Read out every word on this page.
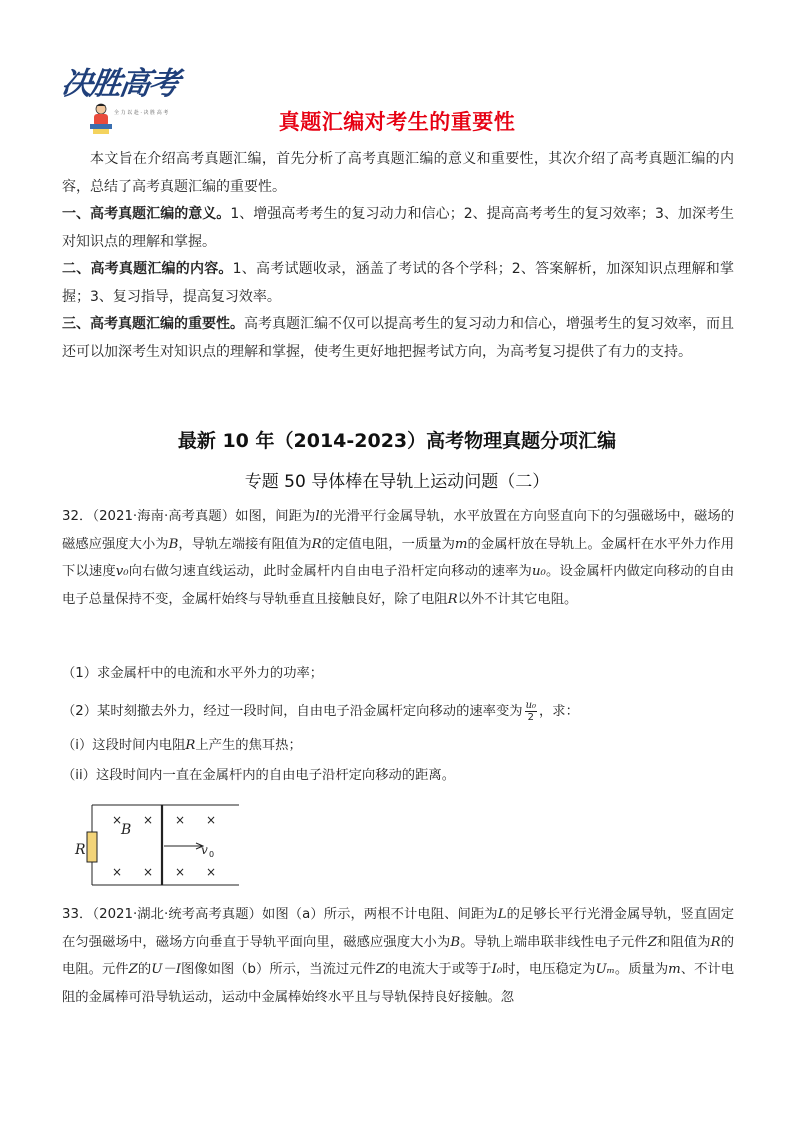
决胜高考
全 力 以 赴 · 决 胜 高 考	真题汇编对考生的重要性
本文旨在介绍高考真题汇编，首先分析了高考真题汇编的意义和重要性，其次介绍了高考真题汇编的内容，总结了高考真题汇编的重要性。
一、高考真题汇编的意义。1、增强高考考生的复习动力和信心；2、提高高考考生的复习效率；3、加深考生对知识点的理解和掌握。
二、高考真题汇编的内容。1、高考试题收录，涵盖了考试的各个学科；2、答案解析，加深知识点理解和掌握；3、复习指导，提高复习效率。
三、高考真题汇编的重要性。高考真题汇编不仅可以提高考生的复习动力和信心，增强考生的复习效率，而且还可以加深考生对知识点的理解和掌握，使考生更好地把握考试方向，为高考复习提供了有力的支持。
最新 10 年（2014-2023）高考物理真题分项汇编
专题 50 导体棒在导轨上运动问题（二）
32．（2021·海南·高考真题）如图，间距为l的光滑平行金属导轨，水平放置在方向竖直向下的匀强磁场中，磁场的磁感应强度大小为B，导轨左端接有阻值为R的定值电阻，一质量为m的金属杆放在导轨上。金属杆在水平外力作用下以速度v₀向右做匀速直线运动，此时金属杆内自由电子沿杆定向移动的速率为u₀。设金属杆内做定向移动的自由电子总量保持不变，金属杆始终与导轨垂直且接触良好，除了电阻R以外不计其它电阻。
（1）求金属杆中的电流和水平外力的功率；
（2）某时刻撤去外力，经过一段时间，自由电子沿金属杆定向移动的速率变为 $\frac{\text{u₀}}{2}$ ，求：
（i）这段时间内电阻R上产生的焦耳热；
（ii）这段时间内一直在金属杆内的自由电子沿杆定向移动的距离。
× × × ×
× × × ×
B
R	v 0
33．（2021·湖北·统考高考真题）如图（a）所示，两根不计电阻、间距为L的足够长平行光滑金属导轨，竖直固定在匀强磁场中，磁场方向垂直于导轨平面向里，磁感应强度大小为B。导轨上端串联非线性电子元件Z和阻值为R的电阻。元件Z的U－I图像如图（b）所示，当流过元件Z的电流大于或等于I₀时，电压稳定为Uₘ。质量为m、不计电阻的金属棒可沿导轨运动，运动中金属棒始终水平且与导轨保持良好接触。忽
